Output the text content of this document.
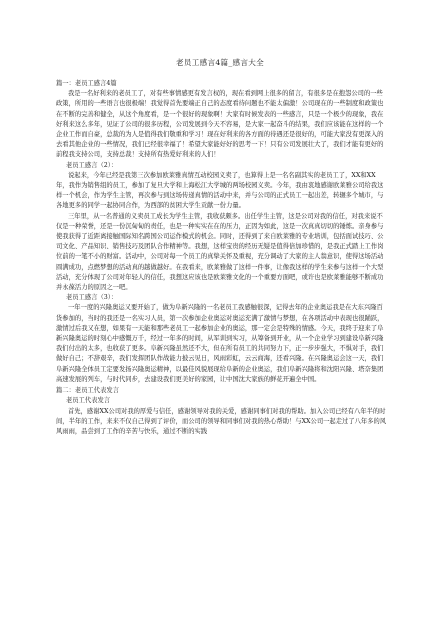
老员工感言4篇_感言大全

篇一：老员工感言4篇

我是一名好利来的老员工了，对有些事情感更有发言权的，现在看到网上很多的留言，有很多是在抱怨公司的一些政策，所用的一些语言也很极端！我觉得首先要端正自己的态度看待问题也不能太偏激！公司现在的一些制度和政策也在不断的完善和健全，从这个角度看，是一个很好的现象啊！大家有时候发表的一些感言，只是一个极少的现象，我在好利来这么多年，见证了公司的很多历程，公司发展到今天不容易，是大家一起奋斗的结果，我们应该能在这样的一个企业工作而自豪，总裁的为人是值得我们敬重和学习！现在好利来的各方面的待遇还是很好的，可能大家没有更深入的去看其他企业的一些情况，我们已经很幸福了！希望大家能好好的思考一下！只有公司发展壮大了，我们才能有更好的前程我支持公司，支持总裁！支持所有热爱好利来的人们！

老员工感言（2）：

说起来，今年已经是我第三次参加欧莱雅真情互动校园义卖了，也算得上是一名名副其实的老员工了，XX和XX年，我作为销售组的员工，参加了复旦大学和上海松江大学城的两场校园义卖。今年，我由衷地感谢欧莱雅公司给我这样一个机会，作为学生主管，再次参与到这场传递真情的活动中来，并与公司的正式员工一起出差，转辗多个城市，与各地更多的同学一起协同合作，为西部的贫困大学生贡献一份力量。

三年里，从一名普通的义卖员工成长为学生主管，我收获颇多。出任学生主管，这是公司对我的信任，对我来说不仅是一种荣誉，还是一份沉甸甸的责任，也是一种实实在在的压力，正因为如此，这是一次真真切切的锤炼。亲身参与使我获得了近距离接触国际知名跨国公司运作模式的机会。同时，还得到了来自欧莱雅的专业培训，包括面试技巧、公司文化、产品知识、销售技巧及团队合作精神等。我想，这样宝贵的经历无疑是值得倍加珍惜的，是我正式踏上工作岗位前的一笔不小的财富。活动中，公司对每一个员工的真挚关怀及重视，充分调动了大家的主人翁意识，使得这场活动圆满成功，点燃梦想的活动真的越做越好。在我看来，欧莱雅做了这样一件事，让像我这样的学生来参与这样一个大型活动，充分体现了公司对年轻人的信任，我想这应该也是欧莱雅文化的一个重要方面吧，或许也是欧莱雅能够不断成功并永葆活力的原因之一吧。

老员工感言（3）：

一年一度的兴隆奥运又要开始了，做为阜新兴隆的一名老员工我感触很深，记得去年的企业奥运我是在大东兴隆百货参加的，当时的我还是一名实习人员，第一次参加企业奥运对奥运充满了激情与梦想，在各项活动中表现也很踊跃，激情过后我又在想，如果有一天能和那些老员工一起参加企业的奥运，那一定会是特殊的情感。今天，我终于迎来了阜新兴隆奥运的时刻心中感慨万千，经过一年多的时间，从军训到实习，从筹备到开业，从一个企业学习到建设阜新兴隆我们付出的太多，也收获了更多。阜新兴隆虽然还不大，但在所有员工的共同努力下，正一步步强大，不惧对手，我们做好自己；不辞艰辛，我们发挥团队作战能力披云见日，风雨彩虹，云云商海，还看兴隆。在兴隆奥运会这一天，我们阜新兴隆全体员工定要发扬兴隆奥运精神，以最佳风貌展现给阜新的企业奥运，我们阜新兴隆将和沈阳兴隆、塔奈集团高速发展的列车，与时代同步，去建设我们更美好的家园，让中国沈大家族的鲜花开遍全中国。

篇二：老员工代表发言

老员工代表发言

首先，感谢XX公司对我的厚爱与信任，感谢领导对我的关爱，感谢同事们对我的帮助。加入公司已经有八年半的时间，半年的工作，来来不仅自己得到了评价，而公司的领导和同事们对我的热心帮助！与XX公司一起走过了八年多的风风雨雨，品尝到了工作的辛苦与快乐，通过不断的实践
